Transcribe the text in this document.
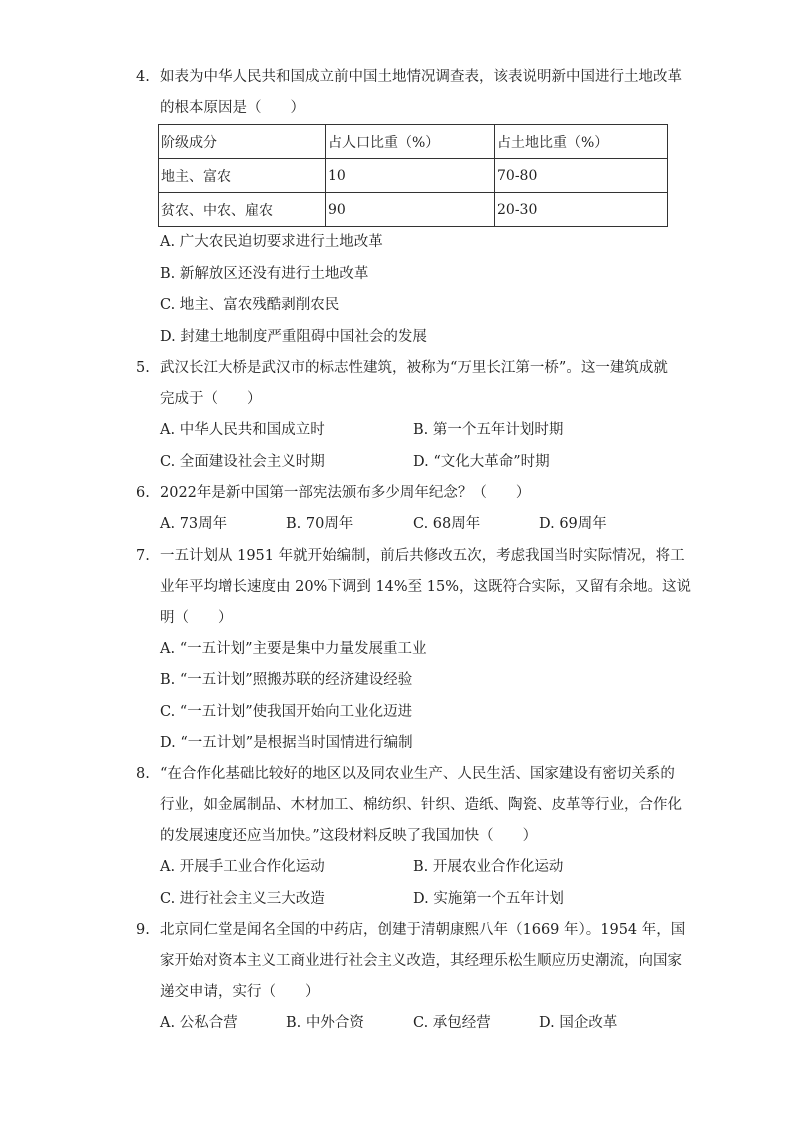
4. 如表为中华人民共和国成立前中国土地情况调查表，该表说明新中国进行土地改革
的根本原因是（　　）
阶级成分	占人口比重（%）	占土地比重（%）
地主、富农	10	70-80
贫农、中农、雇农	90	20-30
A. 广大农民迫切要求进行土地改革
B. 新解放区还没有进行土地改革
C. 地主、富农残酷剥削农民
D. 封建土地制度严重阻碍中国社会的发展
5. 武汉长江大桥是武汉市的标志性建筑，被称为“万里长江第一桥”。这一建筑成就
完成于（　　）
A. 中华人民共和国成立时	B. 第一个五年计划时期
C. 全面建设社会主义时期	D. “文化大革命”时期
6. 2022年是新中国第一部宪法颁布多少周年纪念？（　　）
A. 73周年	B. 70周年	C. 68周年	D. 69周年
7. 一五计划从 1951 年就开始编制，前后共修改五次，考虑我国当时实际情况，将工
业年平均增长速度由 20%下调到 14%至 15%，这既符合实际，又留有余地。这说
明（　　）
A. “一五计划”主要是集中力量发展重工业
B. “一五计划”照搬苏联的经济建设经验
C. “一五计划”使我国开始向工业化迈进
D. “一五计划”是根据当时国情进行编制
8. “在合作化基础比较好的地区以及同农业生产、人民生活、国家建设有密切关系的
行业，如金属制品、木材加工、棉纺织、针织、造纸、陶瓷、皮革等行业，合作化
的发展速度还应当加快。”这段材料反映了我国加快（　　）
A. 开展手工业合作化运动	B. 开展农业合作化运动
C. 进行社会主义三大改造	D. 实施第一个五年计划
9. 北京同仁堂是闻名全国的中药店，创建于清朝康熙八年（1669 年）。1954 年，国
家开始对资本主义工商业进行社会主义改造，其经理乐松生顺应历史潮流，向国家
递交申请，实行（　　）
A. 公私合营	B. 中外合资	C. 承包经营	D. 国企改革
